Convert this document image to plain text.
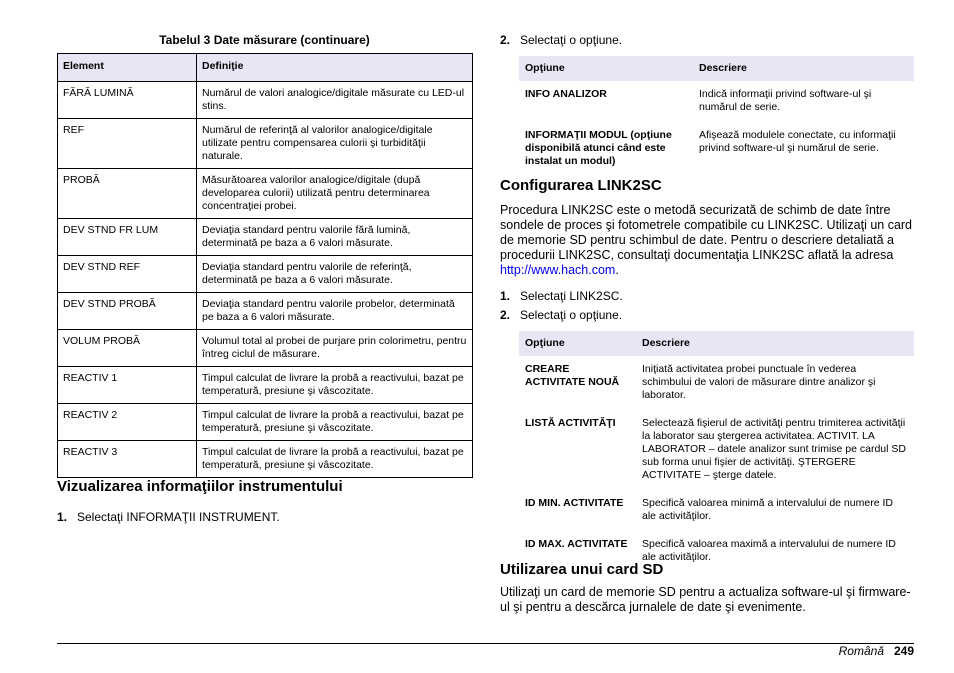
Tabelul 3 Date măsurare (continuare)
Element	Definiţie
FĂRĂ LUMINĂ	Numărul de valori analogice/digitale măsurate cu LED-ul stins.
REF	Numărul de referinţă al valorilor analogice/digitale utilizate pentru compensarea culorii şi turbidităţii naturale.
PROBĂ	Măsurătoarea valorilor analogice/digitale (după developarea culorii) utilizată pentru determinarea concentraţiei probei.
DEV STND FR LUM	Deviaţia standard pentru valorile fără lumină, determinată pe baza a 6 valori măsurate.
DEV STND REF	Deviaţia standard pentru valorile de referinţă, determinată pe baza a 6 valori măsurate.
DEV STND PROBĂ	Deviaţia standard pentru valorile probelor, determinată pe baza a 6 valori măsurate.
VOLUM PROBĂ	Volumul total al probei de purjare prin colorimetru, pentru întreg ciclul de măsurare.
REACTIV 1	Timpul calculat de livrare la probă a reactivului, bazat pe temperatură, presiune şi vâscozitate.
REACTIV 2	Timpul calculat de livrare la probă a reactivului, bazat pe temperatură, presiune şi vâscozitate.
REACTIV 3	Timpul calculat de livrare la probă a reactivului, bazat pe temperatură, presiune şi vâscozitate.
Vizualizarea informaţiilor instrumentului
1. Selectaţi INFORMAŢII INSTRUMENT.
2. Selectaţi o opţiune.
Opţiune	Descriere
INFO ANALIZOR	Indică informaţii privind software-ul şi numărul de serie.
INFORMAŢII MODUL (opţiune disponibilă atunci când este instalat un modul)	Afişează modulele conectate, cu informaţii privind software-ul şi numărul de serie.
Configurarea LINK2SC
Procedura LINK2SC este o metodă securizată de schimb de date între sondele de proces şi fotometrele compatibile cu LINK2SC. Utilizaţi un card de memorie SD pentru schimbul de date. Pentru o descriere detaliată a procedurii LINK2SC, consultaţi documentaţia LINK2SC aflată la adresa http://www.hach.com.
1. Selectaţi LINK2SC.
2. Selectaţi o opţiune.
Opţiune	Descriere
CREARE ACTIVITATE NOUĂ	Iniţiată activitatea probei punctuale în vederea schimbului de valori de măsurare dintre analizor şi laborator.
LISTĂ ACTIVITĂŢI	Selectează fişierul de activităţi pentru trimiterea activităţii la laborator sau ştergerea activitatea. ACTIVIT. LA LABORATOR – datele analizor sunt trimise pe cardul SD sub forma unui fişier de activităţi. ŞTERGERE ACTIVITATE – şterge datele.
ID MIN. ACTIVITATE	Specifică valoarea minimă a intervalului de numere ID ale activităţilor.
ID MAX. ACTIVITATE	Specifică valoarea maximă a intervalului de numere ID ale activităţilor.
Utilizarea unui card SD
Utilizaţi un card de memorie SD pentru a actualiza software-ul şi firmware-ul şi pentru a descărca jurnalele de date şi evenimente.
Română 249
